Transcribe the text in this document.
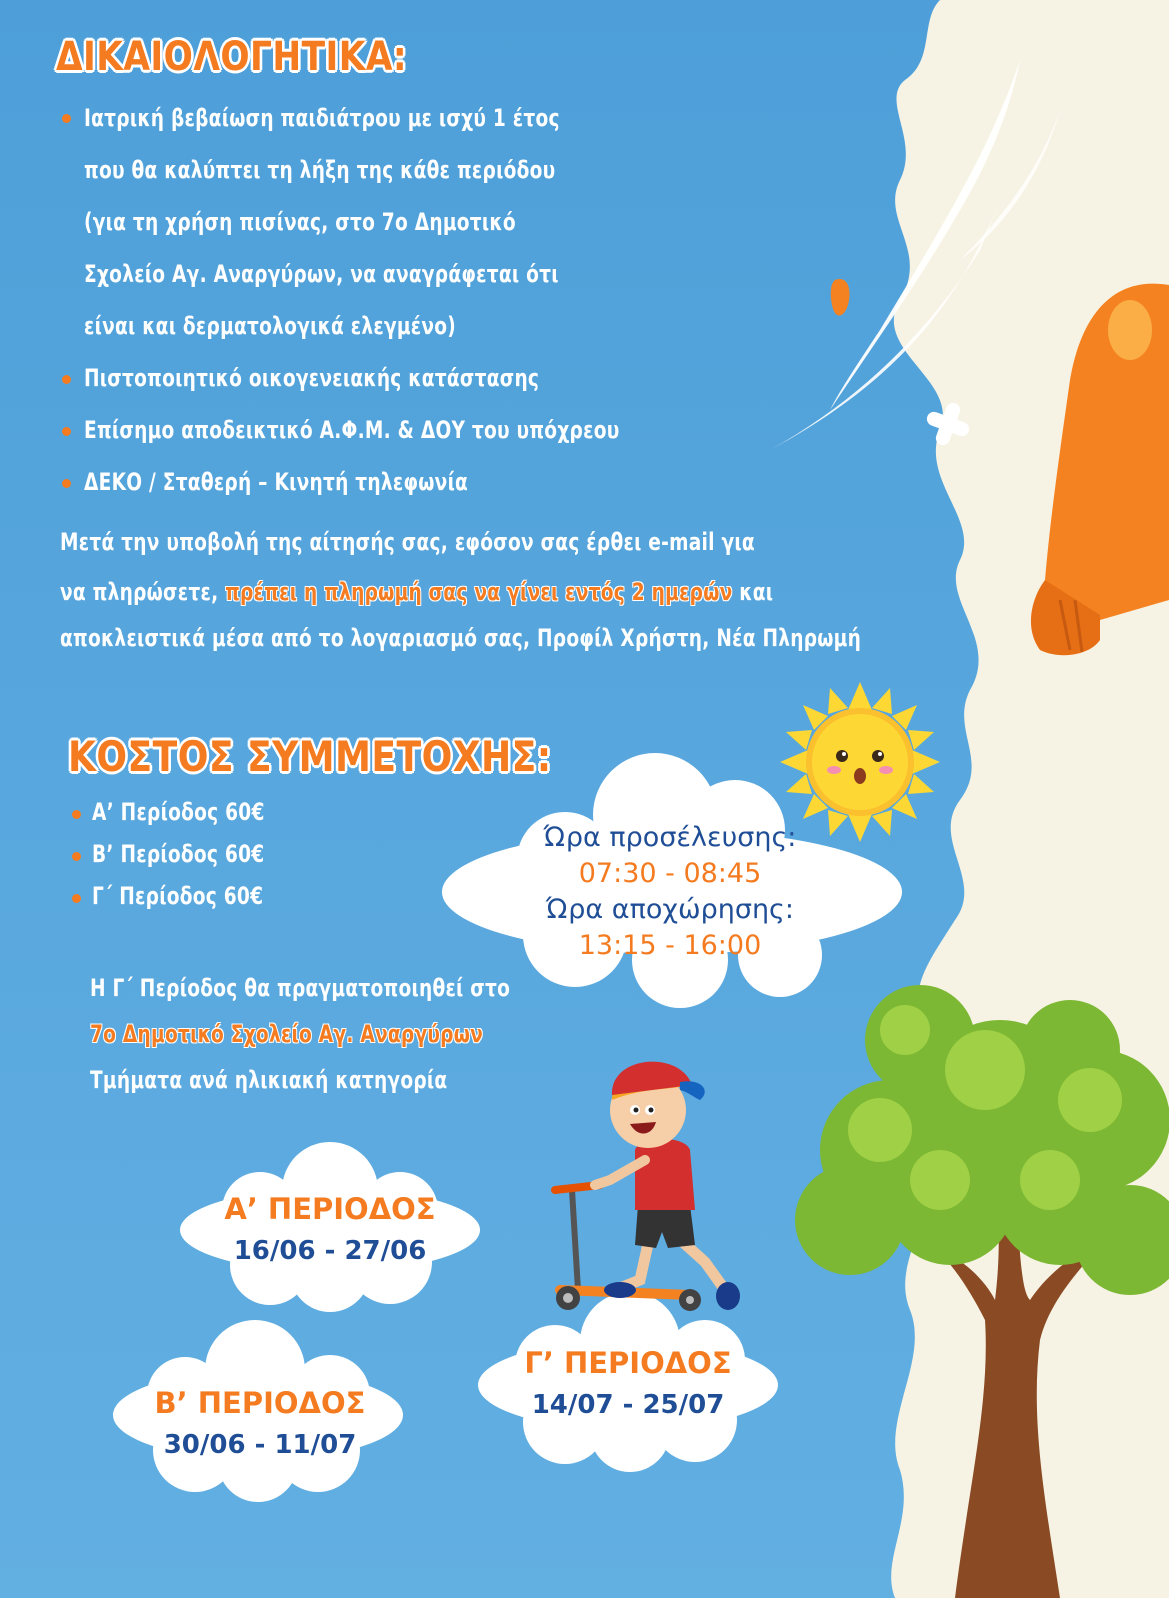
ΔΙΚΑΙΟΛΟΓΗΤΙΚΑ:
Ιατρική βεβαίωση παιδιάτρου με ισχύ 1 έτος
που θα καλύπτει τη λήξη της κάθε περιόδου
(για τη χρήση πισίνας, στο 7ο Δημοτικό
Σχολείο Αγ. Αναργύρων, να αναγράφεται ότι
είναι και δερματολογικά ελεγμένο)
Πιστοποιητικό οικογενειακής κατάστασης
Επίσημο αποδεικτικό Α.Φ.Μ. & ΔΟΥ του υπόχρεου
ΔΕΚΟ / Σταθερή – Κινητή τηλεφωνία
Μετά την υποβολή της αίτησής σας, εφόσον σας έρθει e-mail για
να πληρώσετε, πρέπει η πληρωμή σας να γίνει εντός 2 ημερών και
αποκλειστικά μέσα από το λογαριασμό σας, Προφίλ Χρήστη, Νέα Πληρωμή
ΚΟΣΤΟΣ ΣΥΜΜΕΤΟΧΗΣ:
Α’ Περίοδος 60€
Β’ Περίοδος 60€
Γ΄ Περίοδος 60€
Η Γ΄ Περίοδος θα πραγματοποιηθεί στο
7ο Δημοτικό Σχολείο Αγ. Αναργύρων
Τμήματα ανά ηλικιακή κατηγορία
Ώρα προσέλευσης:
07:30 - 08:45
Ώρα αποχώρησης:
13:15 - 16:00
Α’ ΠΕΡΙΟΔΟΣ
16/06 - 27/06
Β’ ΠΕΡΙΟΔΟΣ
30/06 - 11/07
Γ’ ΠΕΡΙΟΔΟΣ
14/07 - 25/07
